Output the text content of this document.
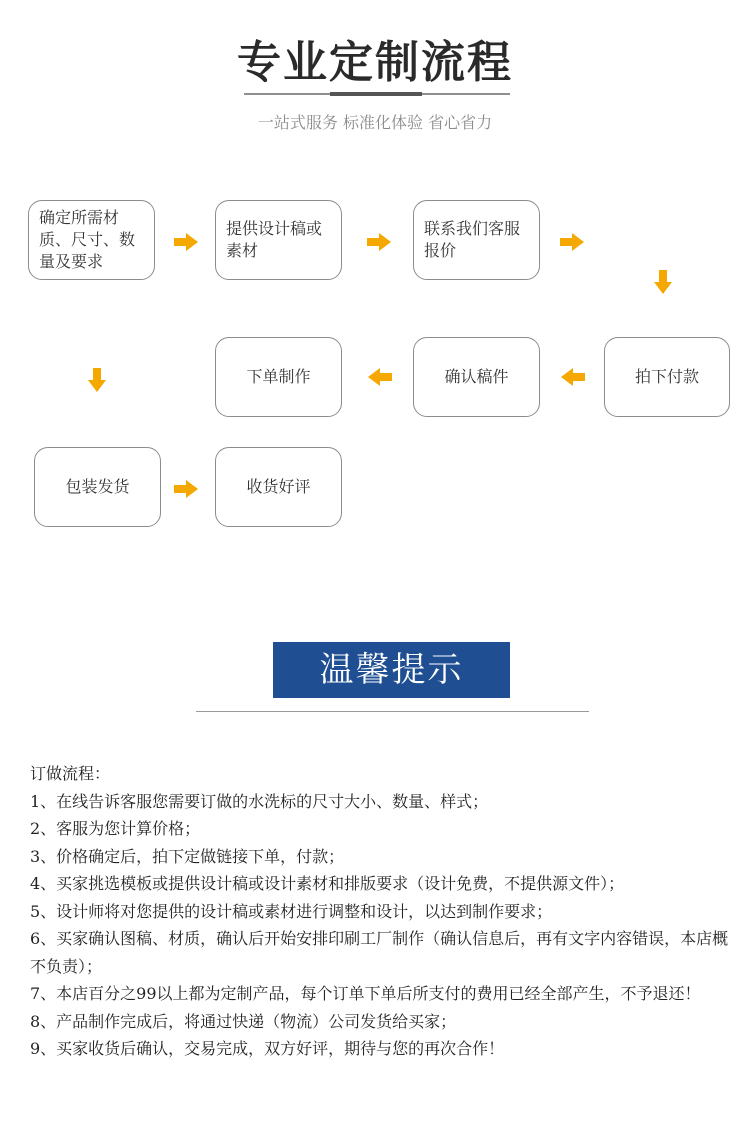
专业定制流程
一站式服务 标准化体验 省心省力
确定所需材质、尺寸、数量及要求
提供设计稿或素材
联系我们客服报价
拍下付款
确认稿件
下单制作
包装发货	收货好评
温馨提示
订做流程：
1、在线告诉客服您需要订做的水洗标的尺寸大小、数量、样式；
2、客服为您计算价格；
3、价格确定后，拍下定做链接下单，付款；
4、买家挑选模板或提供设计稿或设计素材和排版要求（设计免费，不提供源文件）；
5、设计师将对您提供的设计稿或素材进行调整和设计，以达到制作要求；
6、买家确认图稿、材质，确认后开始安排印刷工厂制作（确认信息后，再有文字内容错误，本店概不负责）；
7、本店百分之99以上都为定制产品，每个订单下单后所支付的费用已经全部产生，不予退还！
8、产品制作完成后，将通过快递（物流）公司发货给买家；
9、买家收货后确认，交易完成，双方好评，期待与您的再次合作！
